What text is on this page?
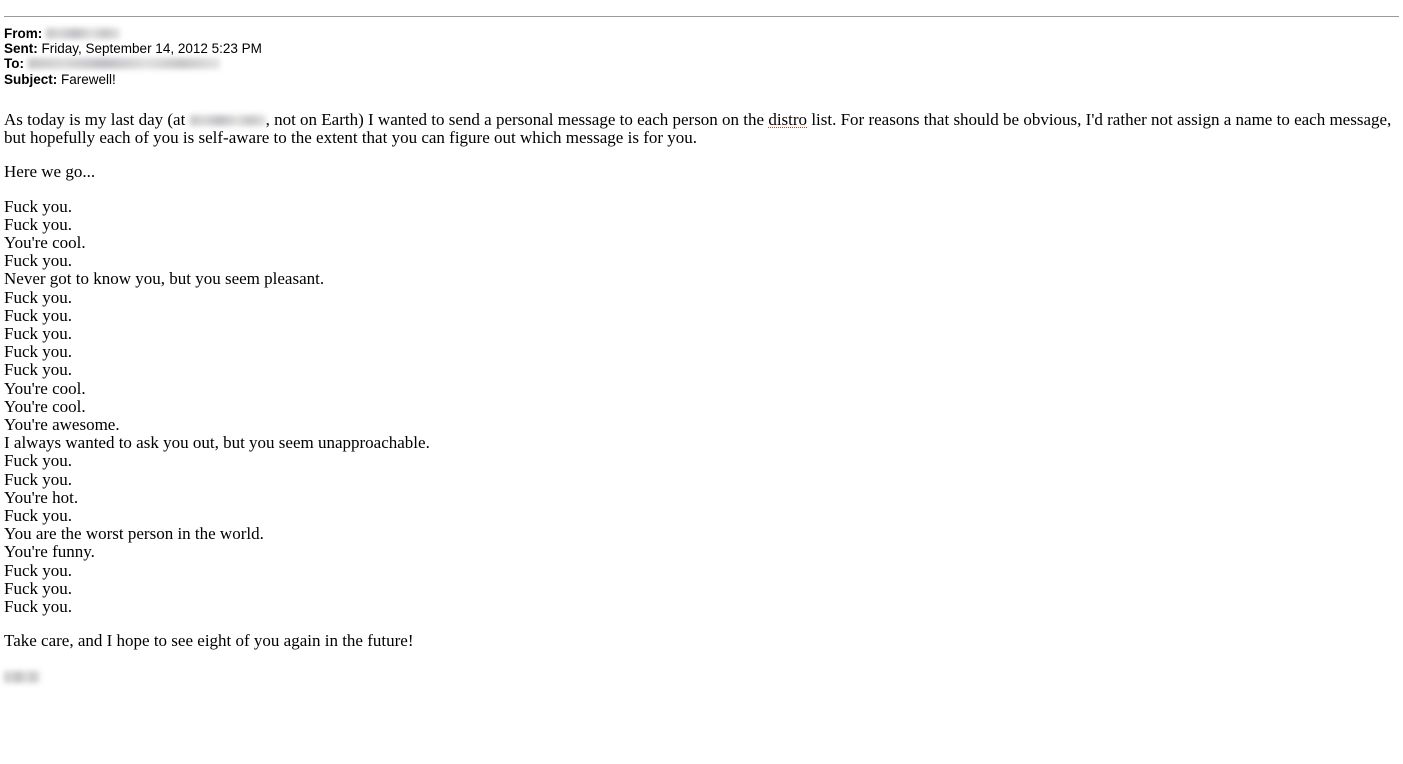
From:
Sent: Friday, September 14, 2012 5:23 PM
To:
Subject: Farewell!

As today is my last day (at	, not on Earth) I wanted to send a personal message to each person on the distro list. For reasons that should be obvious, I'd rather not assign a name to each message, but hopefully each of you is self-aware to the extent that you can figure out which message is for you.

Here we go...

Fuck you.
Fuck you.
You're cool.
Fuck you.
Never got to know you, but you seem pleasant.
Fuck you.
Fuck you.
Fuck you.
Fuck you.
Fuck you.
You're cool.
You're cool.
You're awesome.
I always wanted to ask you out, but you seem unapproachable.
Fuck you.
Fuck you.
You're hot.
Fuck you.
You are the worst person in the world.
You're funny.
Fuck you.
Fuck you.
Fuck you.

Take care, and I hope to see eight of you again in the future!
